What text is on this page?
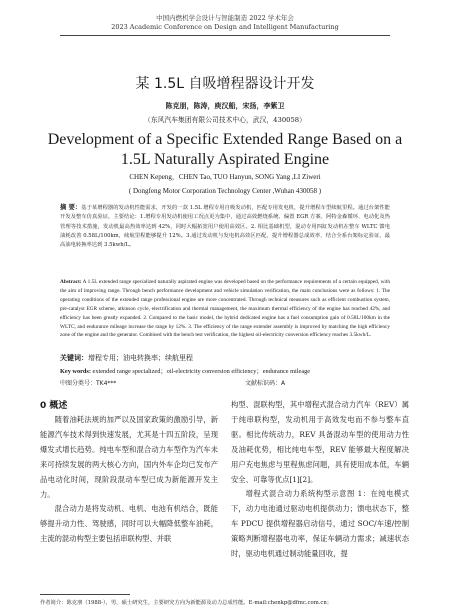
中国内燃机学会设计与智能制造 2022 学术年会
2023 Academic Conference on Design and Intelligent Manufacturing
某 1.5L 自吸增程器设计开发
陈克朋，陈涛，庾汉船，宋扬，李紫卫
（东风汽车集团有限公司技术中心，武汉，430058）
Development of a Specific Extended Range Based on a 1.5L Naturally Aspirated Engine
CHEN Kepeng，CHEN Tao, TUO Hanyun, SONG Yang ,LI Ziweri
( Dongfeng Motor Corporation Technology Center ,Wuhan 430058 )
摘 要：基于某增程器的发动机性能需求，开发的一款 1.5L 增程专用自吸发动机，匹配专用发电机，提升增程车型续航里程。通过台架性能开发及整车仿真验证，主要结论：1.增程专用发动机使用工况点更为集中，通过高效燃烧系统、偏置 EGR 方案、阿特金森循环、电动化及热管理等技术措施，发动机最高热效率达到 42%，同时大幅拓宽用户使用高效区。2. 相比基础机型，混动专用四缸发动机在整车 WLTC 馈电油耗改善 0.58L/100km，续航里程能够提升 12%。3.通过发动机与发电机高效区匹配，提升增程器总成效率，结合全系台架标定验证，最高油电转换率达到 3.5kwh/L。
Abstract: A 1.5L extended range specialized naturally aspirated engine was developed based on the performance requirements of a certain equipped, with the aim of improving range. Through bench performance development and vehicle simulation verification, the main conclusions were as follows: 1. The operating conditions of the extended range professional engine are more concentrated. Through technical measures such as efficient combustion system, pre-catalyst EGR scheme, atkinson cycle, electrification and thermal management, the maximum thermal efficiency of the engine has reached 42%, and efficiency has been greatly expanded. 2. Compared to the basic model, the hybrid dedicated engine has a fuel consumption gain of 0.58L/100km in the WLTC, and endurance mileage increase the range by 12%. 3. The efficiency of the range extender assembly is improved by matching the high efficiency zone of the engine and the generator. Combined with the bench test verification, the highest oil-electricity conversion efficiency reaches 3.5kwh/L.
关键词：增程专用；油电转换率；续航里程
Key words: extended range specialized；oil-electricity conversion efficiency；endurance mileage
中图分类号：TK4***	文献标识码：A
0 概述

随着油耗法规的加严以及国家政策的激励引导，新能源汽车技术得到快速发展，尤其是十四五阶段，呈现爆发式增长趋势。纯电车型和混合动力车型作为汽车未来可持续发展的两大核心方向，国内外车企均已发布产品电动化时间，现阶段混动车型已成为新能源开发主力。

混合动力是将发动机、电机、电池有机结合，既能够提升动力性、驾驶感，同时可以大幅降低整车油耗，主流的混动构型主要包括串联构型、并联

构型、混联构型，其中增程式混合动力汽车（REV）属于纯串联构型，发动机用于高效发电而不参与整车直驱。相比传统动力，REV 具备混动车型的使用动力性及油耗优势，相比纯电车型，REV 能够最大程度解决用户充电焦虑与里程焦虑问题，具有使用成本低，车辆安全、可靠等优点[1][2]。

增程式混合动力系统构型示意图 1：在纯电模式下，动力电池通过驱动电机提供动力；馈电状态下，整车 PDCU 提供增程器启动信号，通过 SOC/车速/控制策略判断增程器电功率，保证车辆动力需求；减速状态时，驱动电机通过制动能量回收，提

作者简介：陈克朋（1988-），男，硕士研究生，主要研究方向为新能源及动力总成性能。E-mail:chenkp@dfmc.com.cn；
